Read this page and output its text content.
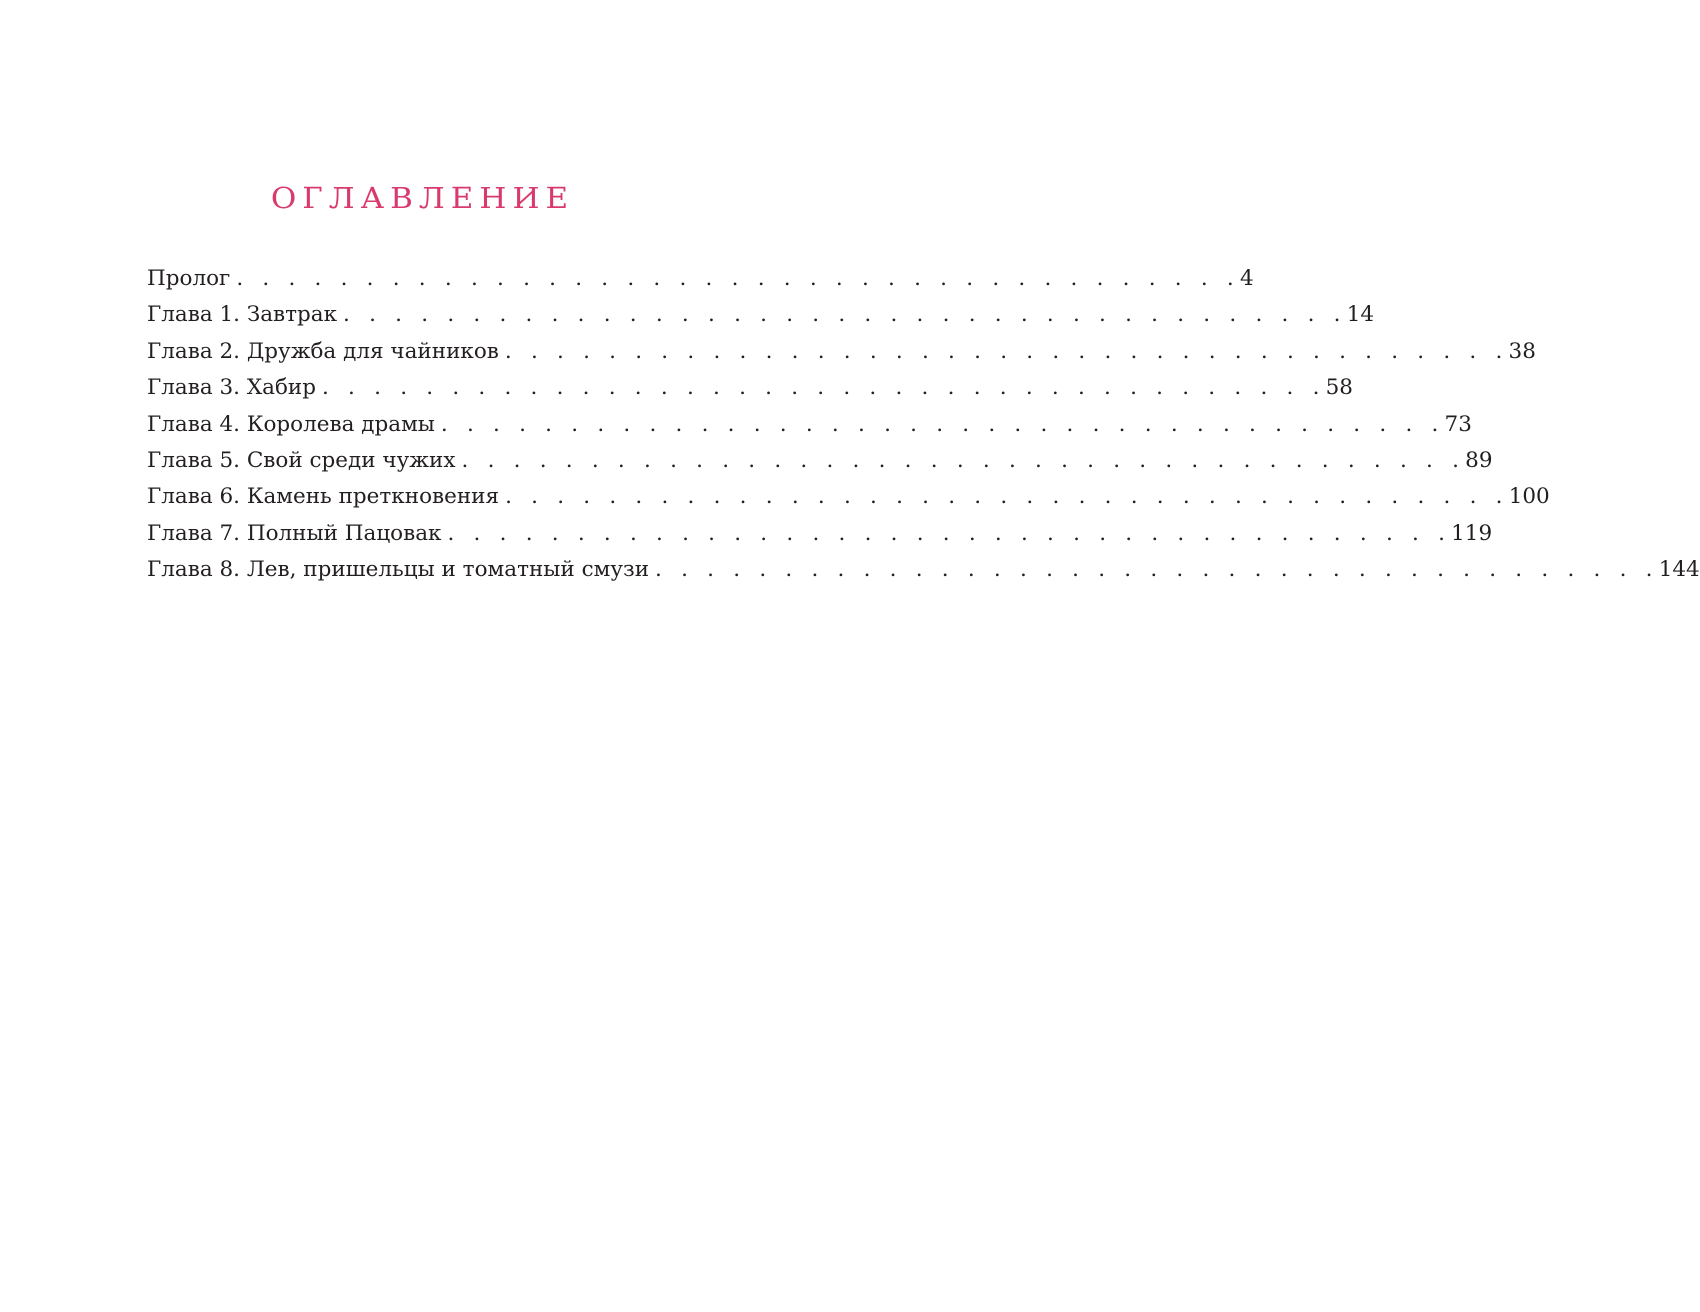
ОГЛАВЛЕНИЕ
Пролог . . . . . . . . . . . . . . . . . . . . . . . . . . . . . . . . . . . . . . . 4
Глава 1. Завтрак . . . . . . . . . . . . . . . . . . . . . . . . . . . . . . . . . . . . . . . 14
Глава 2. Дружба для чайников . . . . . . . . . . . . . . . . . . . . . . . . . . . . . . . . . . . . . . . 38
Глава 3. Хабир . . . . . . . . . . . . . . . . . . . . . . . . . . . . . . . . . . . . . . . 58
Глава 4. Королева драмы . . . . . . . . . . . . . . . . . . . . . . . . . . . . . . . . . . . . . . . 73
Глава 5. Свой среди чужих . . . . . . . . . . . . . . . . . . . . . . . . . . . . . . . . . . . . . . . 89
Глава 6. Камень преткновения . . . . . . . . . . . . . . . . . . . . . . . . . . . . . . . . . . . . . . . 100
Глава 7. Полный Пацовак . . . . . . . . . . . . . . . . . . . . . . . . . . . . . . . . . . . . . . . 119
Глава 8. Лев, пришельцы и томатный смузи . . . . . . . . . . . . . . . . . . . . . . . . . . . . . . . . . . . . . . . 144
